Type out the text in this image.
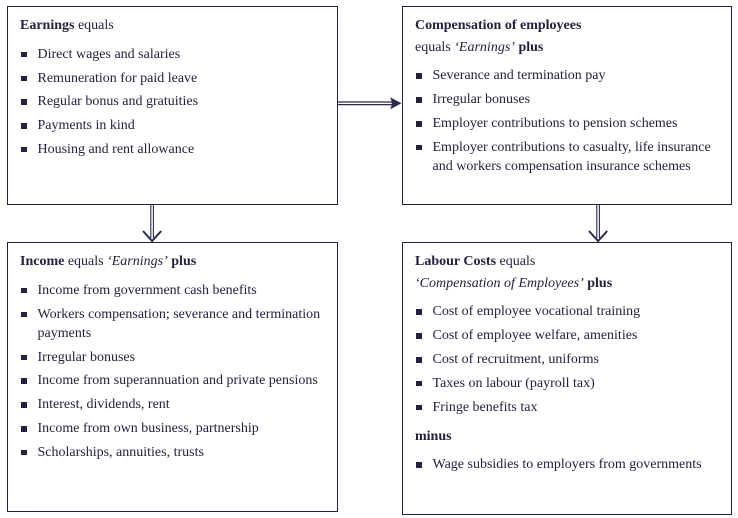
Earnings equals
Direct wages and salaries
Remuneration for paid leave
Regular bonus and gratuities
Payments in kind
Housing and rent allowance
Compensation of employees
equals ‘Earnings’ plus
Severance and termination pay
Irregular bonuses
Employer contributions to pension schemes
Employer contributions to casualty, life insurance and workers compensation insurance schemes
Income equals ‘Earnings’ plus
Income from government cash benefits
Workers compensation; severance and termination payments
Irregular bonuses
Income from superannuation and private pensions
Interest, dividends, rent
Income from own business, partnership
Scholarships, annuities, trusts
Labour Costs equals
‘Compensation of Employees’ plus
Cost of employee vocational training
Cost of employee welfare, amenities
Cost of recruitment, uniforms
Taxes on labour (payroll tax)
Fringe benefits tax
minus
Wage subsidies to employers from governments
